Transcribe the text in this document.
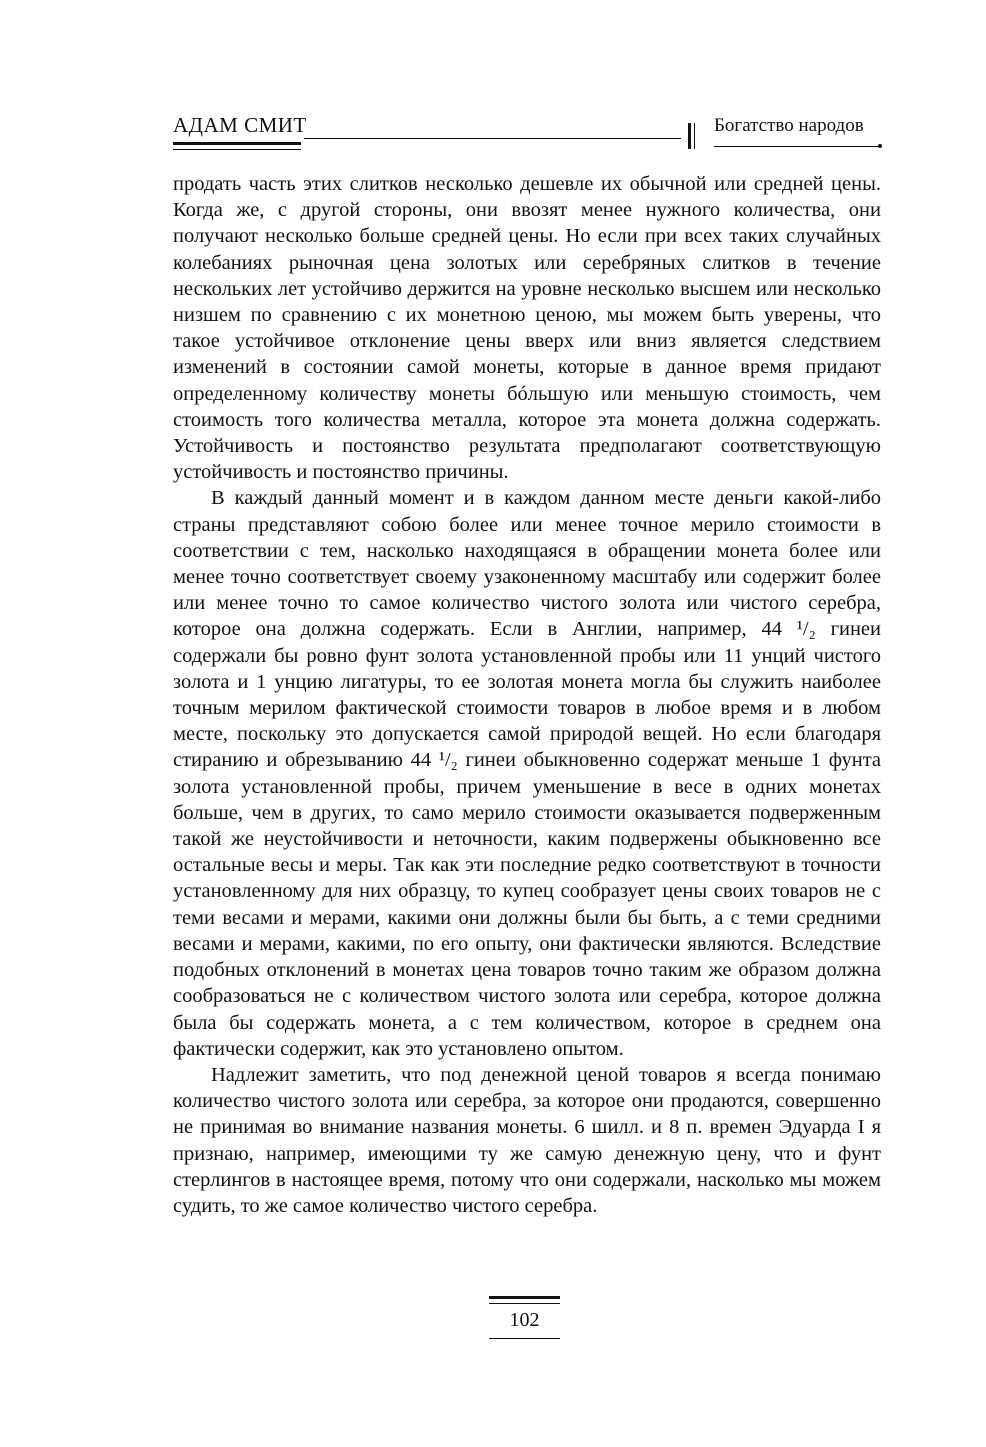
АДАМ СМИТ	Богатство народов

продать часть этих слитков несколько дешевле их обычной или средней цены. Когда же, с другой стороны, они ввозят менее нужного количества, они получают несколько больше средней цены. Но если при всех таких случайных колебаниях рыночная цена золотых или серебряных слитков в течение нескольких лет устойчиво держится на уровне несколько высшем или несколько низшем по сравнению с их монетною ценою, мы можем быть уверены, что такое устойчивое отклонение цены вверх или вниз является следствием изменений в состоянии самой монеты, которые в данное время придают определенному количеству монеты бóльшую или меньшую стоимость, чем стоимость того количества металла, которое эта монета должна содержать. Устойчивость и постоянство результата предполагают соответствующую устойчивость и постоянство причины.

В каждый данный момент и в каждом данном месте деньги какой-либо страны представляют собою более или менее точное мерило стоимости в соответствии с тем, насколько находящаяся в обращении монета более или менее точно соответствует своему узаконенному масштабу или содержит более или менее точно то самое количество чистого золота или чистого серебра, которое она должна содержать. Если в Англии, например, 44 ¹/₂ гинеи содержали бы ровно фунт золота установленной пробы или 11 унций чистого золота и 1 унцию лигатуры, то ее золотая монета могла бы служить наиболее точным мерилом фактической стоимости товаров в любое время и в любом месте, поскольку это допускается самой природой вещей. Но если благодаря стиранию и обрезыванию 44 ¹/₂ гинеи обыкновенно содержат меньше 1 фунта золота установленной пробы, причем уменьшение в весе в одних монетах больше, чем в других, то само мерило стоимости оказывается подверженным такой же неустойчивости и неточности, каким подвержены обыкновенно все остальные весы и меры. Так как эти последние редко соответствуют в точности установленному для них образцу, то купец сообразует цены своих товаров не с теми весами и мерами, какими они должны были бы быть, а с теми средними весами и мерами, какими, по его опыту, они фактически являются. Вследствие подобных отклонений в монетах цена товаров точно таким же образом должна сообразоваться не с количеством чистого золота или серебра, которое должна была бы содержать монета, а с тем количеством, которое в среднем она фактически содержит, как это установлено опытом.

Надлежит заметить, что под денежной ценой товаров я всегда понимаю количество чистого золота или серебра, за которое они продаются, совершенно не принимая во внимание названия монеты. 6 шилл. и 8 п. времен Эдуарда I я признаю, например, имеющими ту же самую денежную цену, что и фунт стерлингов в настоящее время, потому что они содержали, насколько мы можем судить, то же самое количество чистого серебра.

102
